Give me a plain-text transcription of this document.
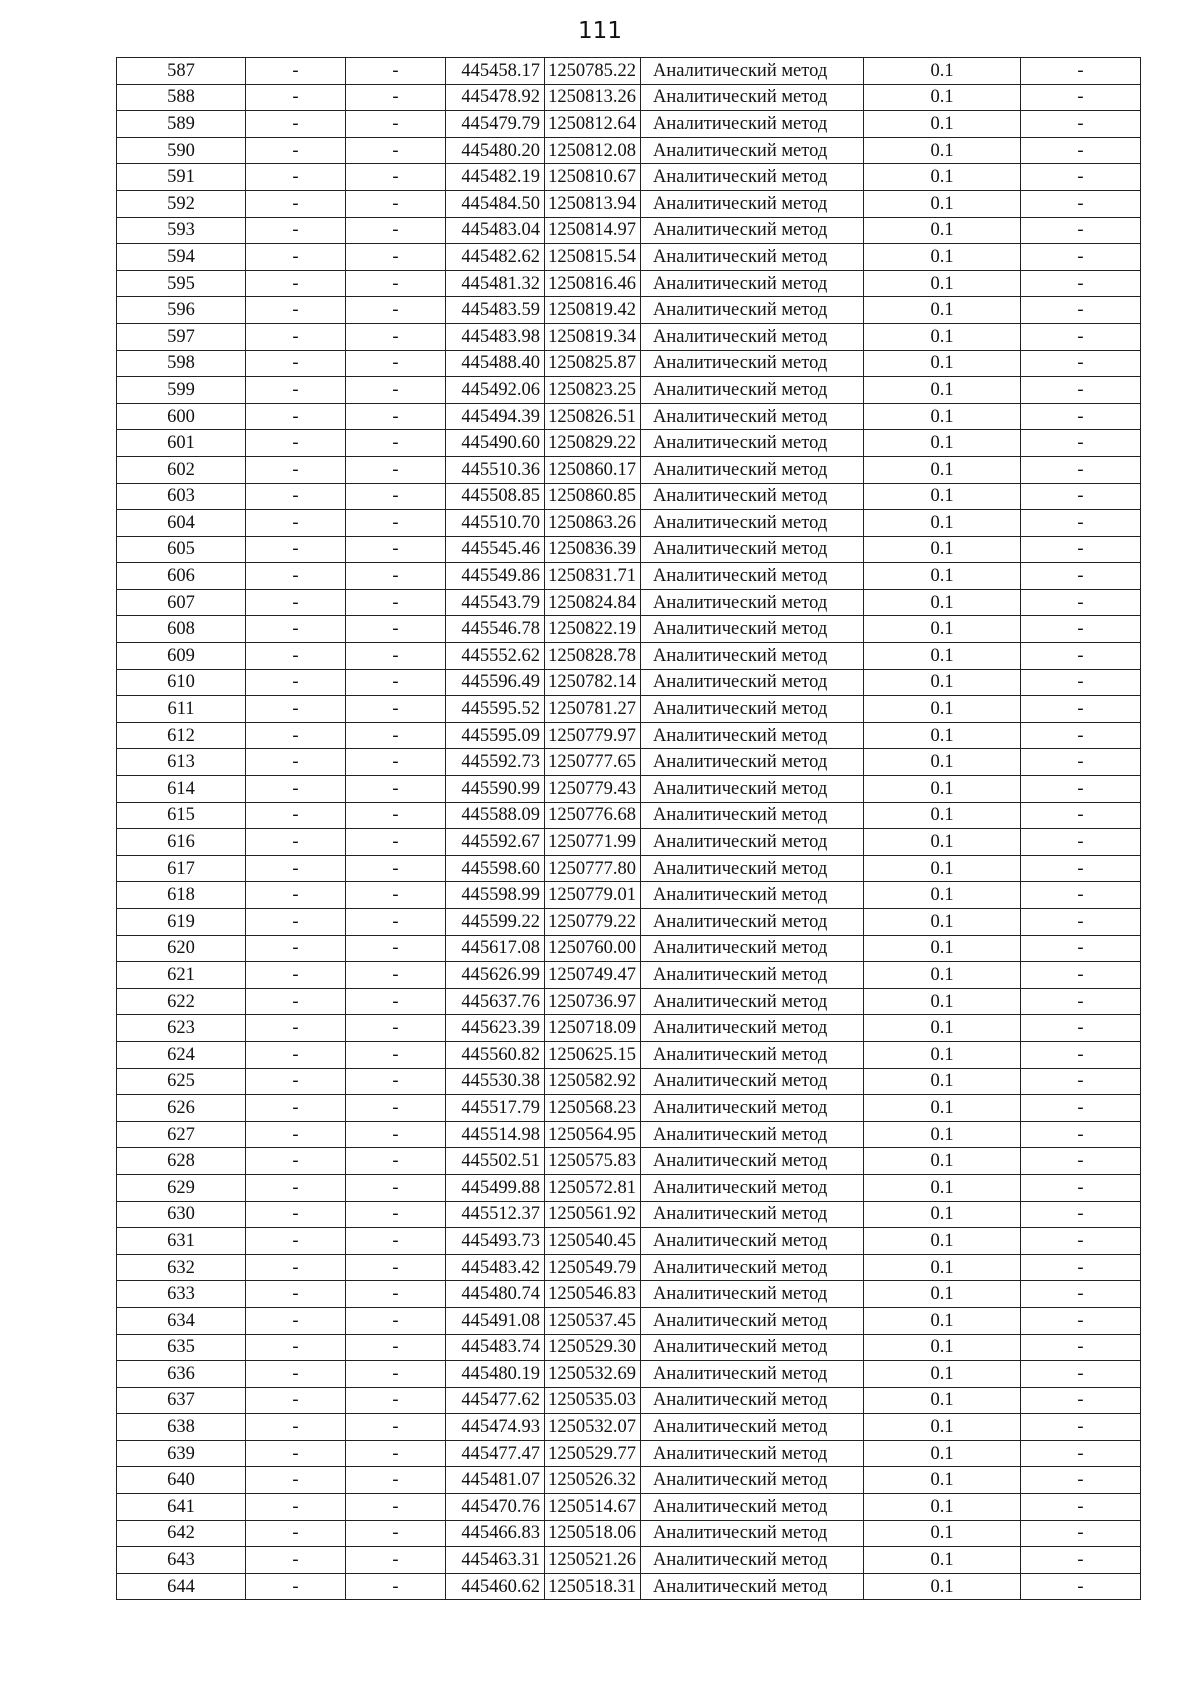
111
587	-	-	445458.17	1250785.22	Аналитический метод	0.1	-
588	-	-	445478.92	1250813.26	Аналитический метод	0.1	-
589	-	-	445479.79	1250812.64	Аналитический метод	0.1	-
590	-	-	445480.20	1250812.08	Аналитический метод	0.1	-
591	-	-	445482.19	1250810.67	Аналитический метод	0.1	-
592	-	-	445484.50	1250813.94	Аналитический метод	0.1	-
593	-	-	445483.04	1250814.97	Аналитический метод	0.1	-
594	-	-	445482.62	1250815.54	Аналитический метод	0.1	-
595	-	-	445481.32	1250816.46	Аналитический метод	0.1	-
596	-	-	445483.59	1250819.42	Аналитический метод	0.1	-
597	-	-	445483.98	1250819.34	Аналитический метод	0.1	-
598	-	-	445488.40	1250825.87	Аналитический метод	0.1	-
599	-	-	445492.06	1250823.25	Аналитический метод	0.1	-
600	-	-	445494.39	1250826.51	Аналитический метод	0.1	-
601	-	-	445490.60	1250829.22	Аналитический метод	0.1	-
602	-	-	445510.36	1250860.17	Аналитический метод	0.1	-
603	-	-	445508.85	1250860.85	Аналитический метод	0.1	-
604	-	-	445510.70	1250863.26	Аналитический метод	0.1	-
605	-	-	445545.46	1250836.39	Аналитический метод	0.1	-
606	-	-	445549.86	1250831.71	Аналитический метод	0.1	-
607	-	-	445543.79	1250824.84	Аналитический метод	0.1	-
608	-	-	445546.78	1250822.19	Аналитический метод	0.1	-
609	-	-	445552.62	1250828.78	Аналитический метод	0.1	-
610	-	-	445596.49	1250782.14	Аналитический метод	0.1	-
611	-	-	445595.52	1250781.27	Аналитический метод	0.1	-
612	-	-	445595.09	1250779.97	Аналитический метод	0.1	-
613	-	-	445592.73	1250777.65	Аналитический метод	0.1	-
614	-	-	445590.99	1250779.43	Аналитический метод	0.1	-
615	-	-	445588.09	1250776.68	Аналитический метод	0.1	-
616	-	-	445592.67	1250771.99	Аналитический метод	0.1	-
617	-	-	445598.60	1250777.80	Аналитический метод	0.1	-
618	-	-	445598.99	1250779.01	Аналитический метод	0.1	-
619	-	-	445599.22	1250779.22	Аналитический метод	0.1	-
620	-	-	445617.08	1250760.00	Аналитический метод	0.1	-
621	-	-	445626.99	1250749.47	Аналитический метод	0.1	-
622	-	-	445637.76	1250736.97	Аналитический метод	0.1	-
623	-	-	445623.39	1250718.09	Аналитический метод	0.1	-
624	-	-	445560.82	1250625.15	Аналитический метод	0.1	-
625	-	-	445530.38	1250582.92	Аналитический метод	0.1	-
626	-	-	445517.79	1250568.23	Аналитический метод	0.1	-
627	-	-	445514.98	1250564.95	Аналитический метод	0.1	-
628	-	-	445502.51	1250575.83	Аналитический метод	0.1	-
629	-	-	445499.88	1250572.81	Аналитический метод	0.1	-
630	-	-	445512.37	1250561.92	Аналитический метод	0.1	-
631	-	-	445493.73	1250540.45	Аналитический метод	0.1	-
632	-	-	445483.42	1250549.79	Аналитический метод	0.1	-
633	-	-	445480.74	1250546.83	Аналитический метод	0.1	-
634	-	-	445491.08	1250537.45	Аналитический метод	0.1	-
635	-	-	445483.74	1250529.30	Аналитический метод	0.1	-
636	-	-	445480.19	1250532.69	Аналитический метод	0.1	-
637	-	-	445477.62	1250535.03	Аналитический метод	0.1	-
638	-	-	445474.93	1250532.07	Аналитический метод	0.1	-
639	-	-	445477.47	1250529.77	Аналитический метод	0.1	-
640	-	-	445481.07	1250526.32	Аналитический метод	0.1	-
641	-	-	445470.76	1250514.67	Аналитический метод	0.1	-
642	-	-	445466.83	1250518.06	Аналитический метод	0.1	-
643	-	-	445463.31	1250521.26	Аналитический метод	0.1	-
644	-	-	445460.62	1250518.31	Аналитический метод	0.1	-
